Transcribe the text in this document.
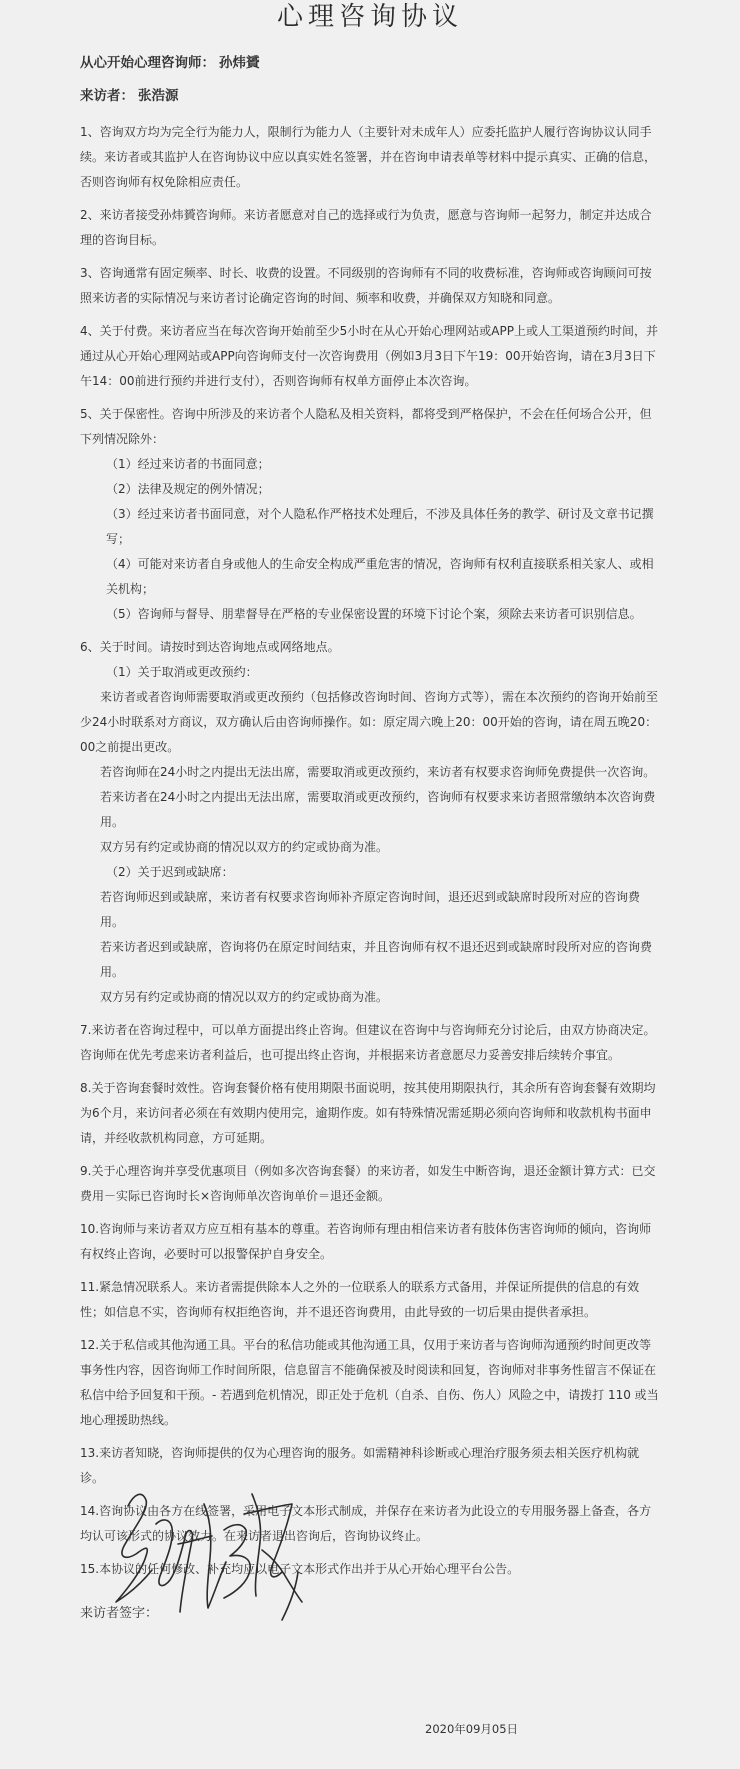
心理咨询协议

从心开始心理咨询师： 孙炜贇

来访者： 张浩源

1、咨询双方均为完全行为能力人，限制行为能力人（主要针对未成年人）应委托监护人履行咨询协议认同手续。来访者或其监护人在咨询协议中应以真实姓名签署，并在咨询申请表单等材料中提示真实、正确的信息，否则咨询师有权免除相应责任。

2、来访者接受孙炜贇咨询师。来访者愿意对自己的选择或行为负责，愿意与咨询师一起努力，制定并达成合理的咨询目标。

3、咨询通常有固定频率、时长、收费的设置。不同级别的咨询师有不同的收费标准，咨询师或咨询顾问可按照来访者的实际情况与来访者讨论确定咨询的时间、频率和收费，并确保双方知晓和同意。

4、关于付费。来访者应当在每次咨询开始前至少5小时在从心开始心理网站或APP上或人工渠道预约时间，并通过从心开始心理网站或APP向咨询师支付一次咨询费用（例如3月3日下午19：00开始咨询，请在3月3日下午14：00前进行预约并进行支付），否则咨询师有权单方面停止本次咨询。

5、关于保密性。咨询中所涉及的来访者个人隐私及相关资料，都将受到严格保护，不会在任何场合公开，但下列情况除外：

（1）经过来访者的书面同意；

（2）法律及规定的例外情况；

（3）经过来访者书面同意，对个人隐私作严格技术处理后，不涉及具体任务的教学、研讨及文章书记撰写；

（4）可能对来访者自身或他人的生命安全构成严重危害的情况，咨询师有权利直接联系相关家人、或相关机构；

（5）咨询师与督导、朋辈督导在严格的专业保密设置的环境下讨论个案，须除去来访者可识别信息。

6、关于时间。请按时到达咨询地点或网络地点。

（1）关于取消或更改预约：

来访者或者咨询师需要取消或更改预约（包括修改咨询时间、咨询方式等），需在本次预约的咨询开始前至少24小时联系对方商议，双方确认后由咨询师操作。如：原定周六晚上20：00开始的咨询，请在周五晚20：00之前提出更改。

若咨询师在24小时之内提出无法出席，需要取消或更改预约，来访者有权要求咨询师免费提供一次咨询。

若来访者在24小时之内提出无法出席，需要取消或更改预约，咨询师有权要求来访者照常缴纳本次咨询费用。

双方另有约定或协商的情况以双方的约定或协商为准。

（2）关于迟到或缺席：

若咨询师迟到或缺席，来访者有权要求咨询师补齐原定咨询时间，退还迟到或缺席时段所对应的咨询费用。

若来访者迟到或缺席，咨询将仍在原定时间结束，并且咨询师有权不退还迟到或缺席时段所对应的咨询费用。

双方另有约定或协商的情况以双方的约定或协商为准。

7.来访者在咨询过程中，可以单方面提出终止咨询。但建议在咨询中与咨询师充分讨论后，由双方协商决定。咨询师在优先考虑来访者利益后，也可提出终止咨询，并根据来访者意愿尽力妥善安排后续转介事宜。

8.关于咨询套餐时效性。咨询套餐价格有使用期限书面说明，按其使用期限执行，其余所有咨询套餐有效期均为6个月，来访问者必须在有效期内使用完，逾期作废。如有特殊情况需延期必须向咨询师和收款机构书面申请，并经收款机构同意，方可延期。

9.关于心理咨询并享受优惠项目（例如多次咨询套餐）的来访者，如发生中断咨询，退还金额计算方式：已交费用－实际已咨询时长×咨询师单次咨询单价＝退还金额。

10.咨询师与来访者双方应互相有基本的尊重。若咨询师有理由相信来访者有肢体伤害咨询师的倾向，咨询师有权终止咨询，必要时可以报警保护自身安全。

11.紧急情况联系人。来访者需提供除本人之外的一位联系人的联系方式备用，并保证所提供的信息的有效性；如信息不实，咨询师有权拒绝咨询，并不退还咨询费用，由此导致的一切后果由提供者承担。

12.关于私信或其他沟通工具。平台的私信功能或其他沟通工具，仅用于来访者与咨询师沟通预约时间更改等事务性内容，因咨询师工作时间所限，信息留言不能确保被及时阅读和回复，咨询师对非事务性留言不保证在私信中给予回复和干预。- 若遇到危机情况，即正处于危机（自杀、自伤、伤人）风险之中，请拨打 110 或当地心理援助热线。

13.来访者知晓，咨询师提供的仅为心理咨询的服务。如需精神科诊断或心理治疗服务须去相关医疗机构就诊。

14.咨询协议由各方在线签署，采用电子文本形式制成，并保存在来访者为此设立的专用服务器上备查，各方均认可该形式的协议效力。在来访者退出咨询后，咨询协议终止。

15.本协议的任何修改、补充均应以电子文本形式作出并于从心开始心理平台公告。

来访者签字：

2020年09月05日
